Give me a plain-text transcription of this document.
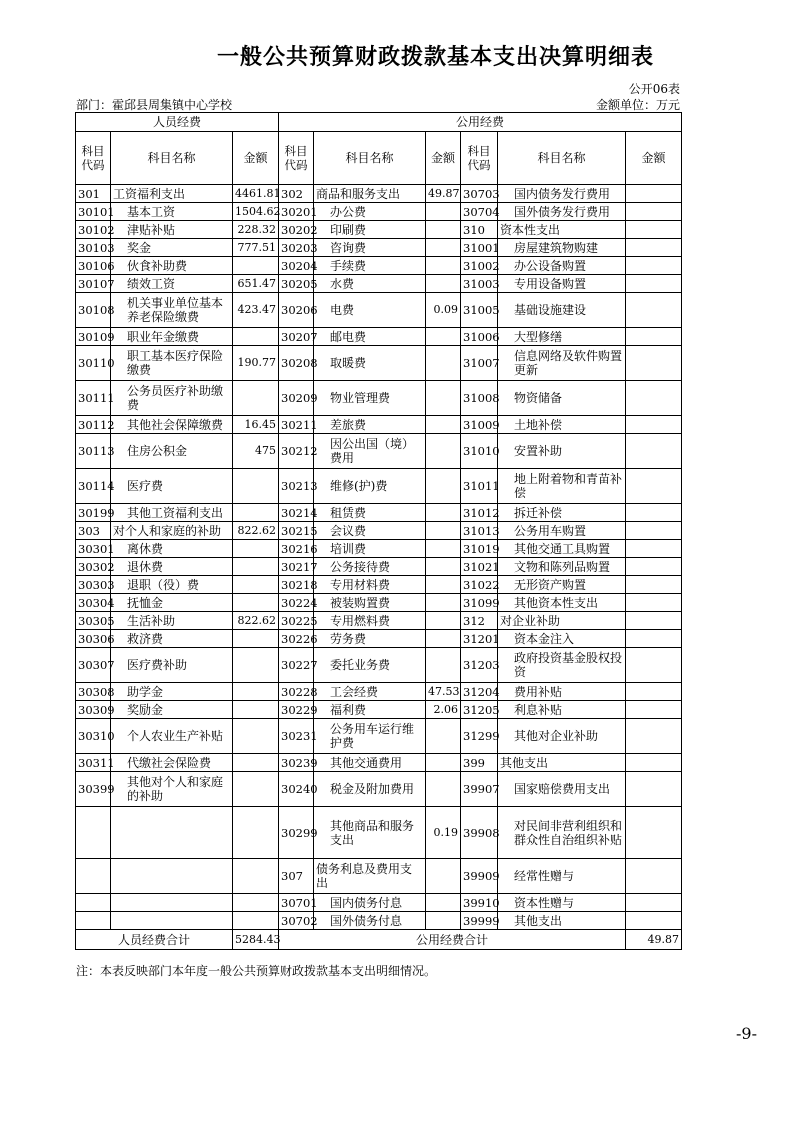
一般公共预算财政拨款基本支出决算明细表
公开06表
部门：霍邱县周集镇中心学校	金额单位：万元
人员经费			公用经费					
科目代码	科目名称	金额	科目代码	科目名称	金额	科目代码	科目名称	金额
301	工资福利支出	4461.81	302	商品和服务支出	49.87	30703	国内债务发行费用	
30101	基本工资	1504.62	30201	办公费		30704	国外债务发行费用	
30102	津贴补贴	228.32	30202	印刷费		310	资本性支出	
30103	奖金	777.51	30203	咨询费		31001	房屋建筑物购建	
30106	伙食补助费		30204	手续费		31002	办公设备购置	
30107	绩效工资	651.47	30205	水费		31003	专用设备购置	
30108	机关事业单位基本养老保险缴费	423.47	30206	电费	0.09	31005	基础设施建设	
30109	职业年金缴费		30207	邮电费		31006	大型修缮	
30110	职工基本医疗保险缴费	190.77	30208	取暖费		31007	信息网络及软件购置更新	
30111	公务员医疗补助缴费		30209	物业管理费		31008	物资储备	
30112	其他社会保障缴费	16.45	30211	差旅费		31009	土地补偿	
30113	住房公积金	475	30212	因公出国（境）费用		31010	安置补助	
30114	医疗费		30213	维修(护)费		31011	地上附着物和青苗补偿	
30199	其他工资福利支出		30214	租赁费		31012	拆迁补偿	
303	对个人和家庭的补助	822.62	30215	会议费		31013	公务用车购置	
30301	离休费		30216	培训费		31019	其他交通工具购置	
30302	退休费		30217	公务接待费		31021	文物和陈列品购置	
30303	退职（役）费		30218	专用材料费		31022	无形资产购置	
30304	抚恤金		30224	被装购置费		31099	其他资本性支出	
30305	生活补助	822.62	30225	专用燃料费		312	对企业补助	
30306	救济费		30226	劳务费		31201	资本金注入	
30307	医疗费补助		30227	委托业务费		31203	政府投资基金股权投资	
30308	助学金		30228	工会经费	47.53	31204	费用补贴	
30309	奖励金		30229	福利费	2.06	31205	利息补贴	
30310	个人农业生产补贴		30231	公务用车运行维护费		31299	其他对企业补助	
30311	代缴社会保险费		30239	其他交通费用		399	其他支出	
30399	其他对个人和家庭的补助		30240	税金及附加费用		39907	国家赔偿费用支出	
			30299	其他商品和服务支出	0.19	39908	对民间非营利组织和群众性自治组织补贴	
			307	债务利息及费用支出		39909	经常性赠与	
			30701	国内债务付息		39910	资本性赠与	
			30702	国外债务付息		39999	其他支出	
人员经费合计		5284.43	公用经费合计					49.87
注：本表反映部门本年度一般公共预算财政拨款基本支出明细情况。
-9-
